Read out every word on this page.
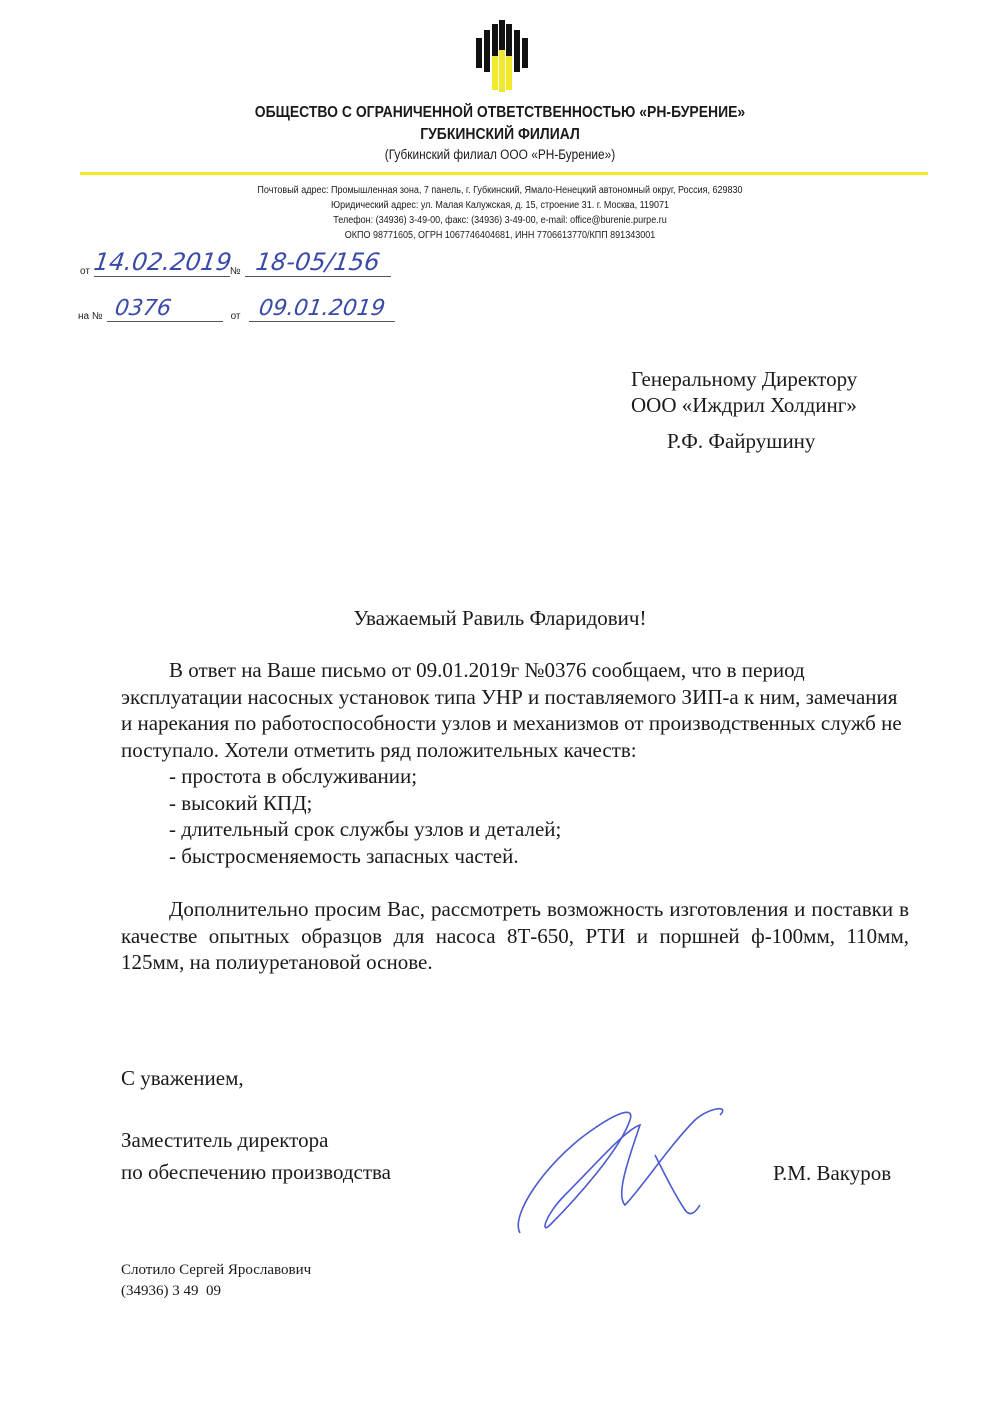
ОБЩЕСТВО С ОГРАНИЧЕННОЙ ОТВЕТСТВЕННОСТЬЮ «РН-БУРЕНИЕ»
ГУБКИНСКИЙ ФИЛИАЛ
(Губкинский филиал ООО «РН-Бурение»)
Почтовый адрес: Промышленная зона, 7 панель, г. Губкинский, Ямало-Ненецкий автономный округ, Россия, 629830
Юридический адрес: ул. Малая Калужская, д. 15, строение 31. г. Москва, 119071
Телефон: (34936) 3-49-00, факс: (34936) 3-49-00, e-mail: office@burenie.purpe.ru
ОКПО 98771605, ОГРН 1067746404681, ИНН 7706613770/КПП 891343001
от 14.02.2019
№ 18-05/156
на № 0376	от 09.01.2019
Генеральному Директору
ООО «Иждрил Холдинг»
Р.Ф. Файрушину
Уважаемый Равиль Фларидович!

В ответ на Ваше письмо от 09.01.2019г №0376 сообщаем, что в период эксплуатации насосных установок типа УНР и поставляемого ЗИП-а к ним, замечания и нарекания по работоспособности узлов и механизмов от производственных служб не поступало. Хотели отметить ряд положительных качеств:

- простота в обслуживании;

- высокий КПД;

- длительный срок службы узлов и деталей;

- быстросменяемость запасных частей.

Дополнительно просим Вас, рассмотреть возможность изготовления и поставки в качестве опытных образцов для насоса 8Т-650, РТИ и поршней ф-100мм, 110мм, 125мм, на полиуретановой основе.

С уважением,
Заместитель директора
по обеспечению производства	Р.М. Вакуров
Слотило Сергей Ярославович
(34936) 3 49  09
